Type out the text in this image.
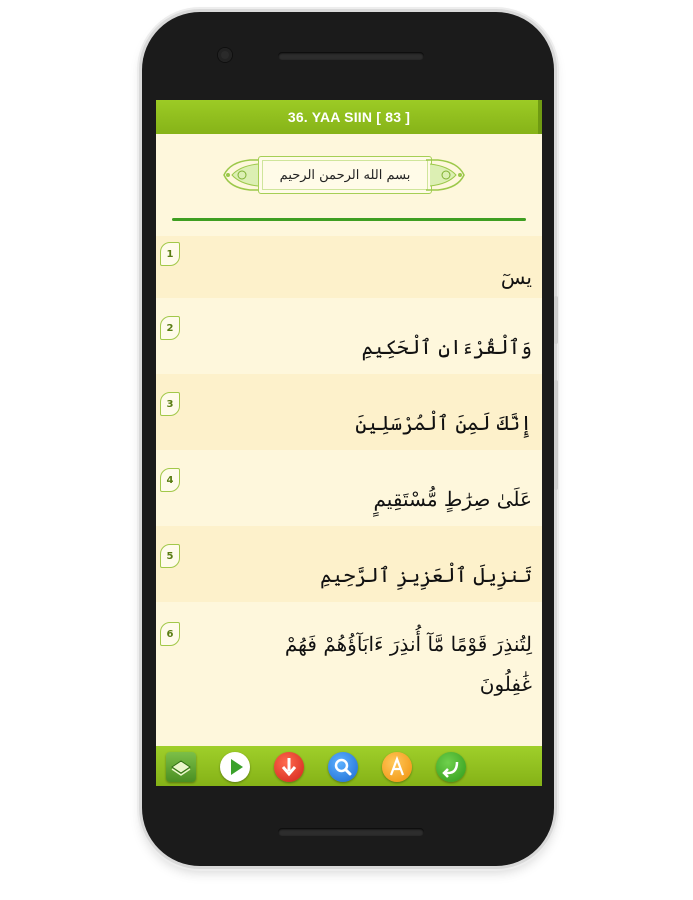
36. YAA SIIN [ 83 ]
بسم الله الرحمن الرحيم
1
يسٓ
2
وَٱلْقُرْءَانِ ٱلْحَكِيمِ
3
إِنَّكَ لَمِنَ ٱلْمُرْسَلِينَ
4
عَلَىٰ صِرَٰطٍ مُّسْتَقِيمٍ
5
تَنزِيلَ ٱلْعَزِيزِ ٱلرَّحِيمِ
6	لِتُنذِرَ قَوْمًا مَّآ أُنذِرَ ءَابَآؤُهُمْ فَهُمْ غَٰفِلُونَ
